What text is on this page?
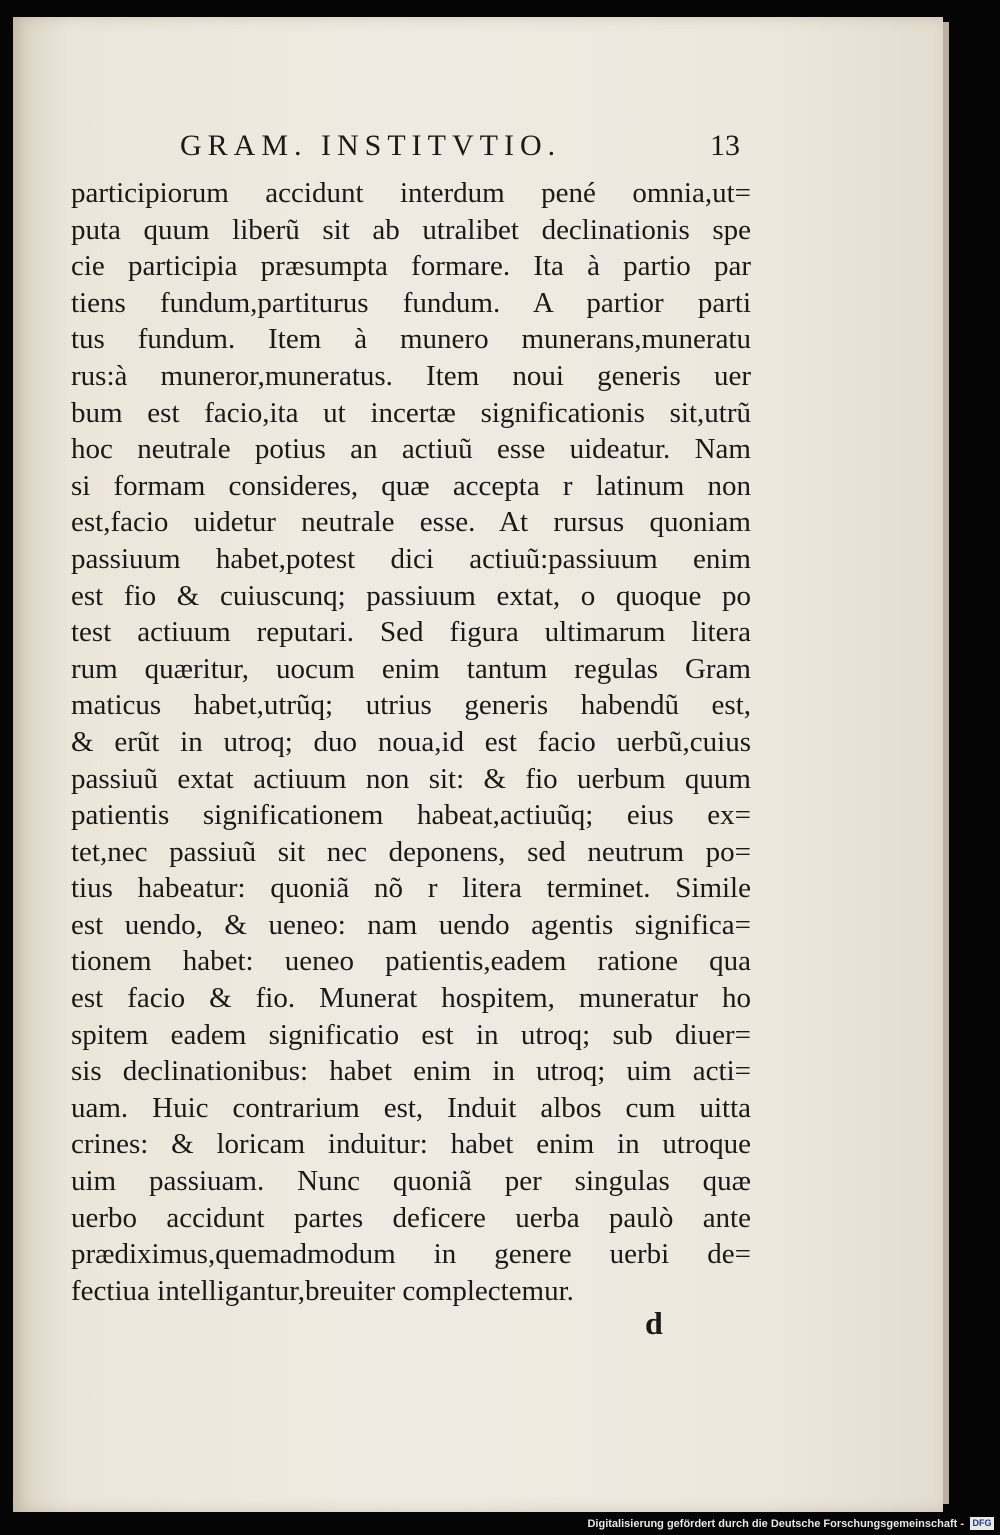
GRAM. INSTITVTIO.	13
participiorum accidunt interdum pené omnia,ut=
puta quum liberũ sit ab utralibet declinationis spe
cie participia præsumpta formare. Ita à partio par
tiens fundum,partiturus fundum. A partior parti
tus fundum. Item à munero munerans,muneratu
rus:à muneror,muneratus. Item noui generis uer
bum est facio,ita ut incertæ significationis sit,utrũ
hoc neutrale potius an actiuũ esse uideatur. Nam
si formam consideres, quæ accepta r latinum non
est,facio uidetur neutrale esse. At rursus quoniam
passiuum habet,potest dici actiuũ:passiuum enim
est fio & cuiuscunq; passiuum extat, o quoque po
test actiuum reputari. Sed figura ultimarum litera
rum quæritur, uocum enim tantum regulas Gram
maticus habet,utrũq; utrius generis habendũ est,
& erũt in utroq; duo noua,id est facio uerbũ,cuius
passiuũ extat actiuum non sit: & fio uerbum quum
patientis significationem habeat,actiuũq; eius ex=
tet,nec passiuũ sit nec deponens, sed neutrum po=
tius habeatur: quoniã nõ r litera terminet. Simile
est uendo, & ueneo: nam uendo agentis significa=
tionem habet: ueneo patientis,eadem ratione qua
est facio & fio. Munerat hospitem, muneratur ho
spitem eadem significatio est in utroq; sub diuer=
sis declinationibus: habet enim in utroq; uim acti=
uam. Huic contrarium est, Induit albos cum uitta
crines: & loricam induitur: habet enim in utroque
uim passiuam. Nunc quoniã per singulas quæ
uerbo accidunt partes deficere uerba paulò ante
prædiximus,quemadmodum in genere uerbi de=
fectiua intelligantur,breuiter complectemur.
d
Digitalisierung gefördert durch die Deutsche Forschungsgemeinschaft - DFG
